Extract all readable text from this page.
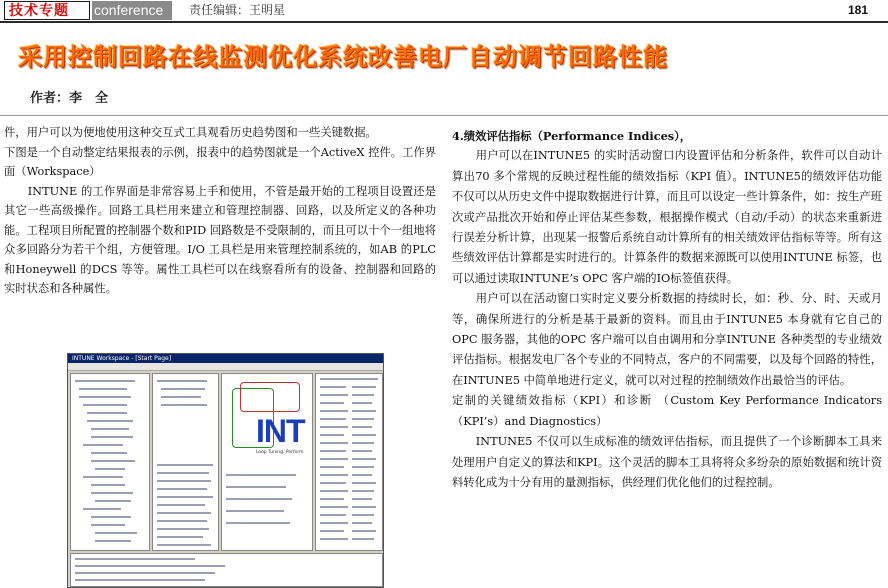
技术专题 conference 责任编辑：王明星	181
采用控制回路在线监测优化系统改善电厂自动调节回路性能
作者：李　全

件，用户可以为便地使用这种交互式工具观看历史趋势图和一些关键数据。

下图是一个自动整定结果报表的示例，报表中的趋势图就是一个ActiveX 控件。工作界面（Workspace）

INTUNE 的工作界面是非常容易上手和使用，不管是最开始的工程项目设置还是其它一些高级操作。回路工具栏用来建立和管理控制器、回路，以及所定义的各种功能。工程项目所配置的控制器个数和PID 回路数是不受限制的，而且可以十个一组地将众多回路分为若干个组，方便管理。I/O 工具栏是用来管理控制系统的，如AB 的PLC和Honeywell 的DCS 等等。属性工具栏可以在线察看所有的设备、控制器和回路的实时状态和各种属性。

INTUNE Workspace - [Start Page]
INT
Loop Tuning, Perform

4.绩效评估指标（Performance Indices），

用户可以在INTUNE5 的实时活动窗口内设置评估和分析条件，软件可以自动计算出70 多个常规的反映过程性能的绩效指标（KPI 值）。INTUNE5的绩效评估功能不仅可以从历史文件中提取数据进行计算，而且可以设定一些计算条件，如：按生产班次或产品批次开始和停止评估某些参数，根据操作模式（自动/手动）的状态来重新进行误差分析计算，出现某一报警后系统自动计算所有的相关绩效评估指标等等。所有这些绩效评估计算都是实时进行的。计算条件的数据来源既可以使用INTUNE 标签，也可以通过读取INTUNE’s OPC 客户端的IO标签值获得。

用户可以在活动窗口实时定义要分析数据的持续时长，如：秒、分、时、天或月等，确保所进行的分析是基于最新的资料。而且由于INTUNE5 本身就有它自己的OPC 服务器，其他的OPC 客户端可以自由调用和分享INTUNE 各种类型的专业绩效评估指标。根据发电厂各个专业的不同特点，客户的不同需要，以及每个回路的特性，在INTUNE5 中简单地进行定义，就可以对过程的控制绩效作出最恰当的评估。

定制的关键绩效指标（KPI）和诊断 （Custom Key Performance Indicators（KPI’s）and Diagnostics）

INTUNE5 不仅可以生成标准的绩效评估指标，而且提供了一个诊断脚本工具来处理用户自定义的算法和KPI。这个灵活的脚本工具将将众多纷杂的原始数据和统计资料转化成为十分有用的量测指标，供经理们优化他们的过程控制。
